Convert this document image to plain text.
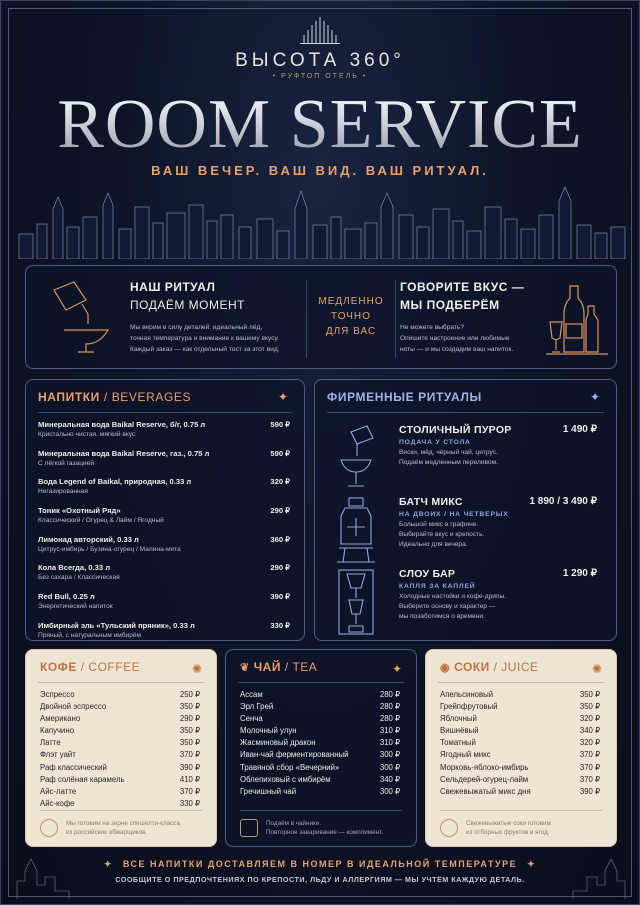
ВЫСОТА 360°
• РУФТОП ОТЕЛЬ •
ROOM SERVICE
ВАШ ВЕЧЕР. ВАШ ВИД. ВАШ РИТУАЛ.
НАШ РИТУАЛ
ПОДАЁМ МОМЕНТ
Мы верим в силу деталей: идеальный лёд,
точная температура и внимание к вашему вкусу.
Каждый заказ — как отдельный тост за этот вид.
МЕДЛЕННО
ТОЧНО
ДЛЯ ВАС
ГОВОРИТЕ ВКУС —
МЫ ПОДБЕРЁМ
Не можете выбрать?
Опишите настроение или любимые
ноты — и мы создадим ваш напиток.
НАПИТКИ / BEVERAGES	✦
Минеральная вода Baikal Reserve, б/г, 0.75 л
Кристально чистая, мягкий вкус
590 ₽
Минеральная вода Baikal Reserve, газ., 0.75 л
С лёгкой газацией
590 ₽
Вода Legend of Baikal, природная, 0.33 л
Негазированная
320 ₽
Тоник «Охотный Ряд»
Классический / Огурец & Лайм / Ягодный
290 ₽
Лимонад авторский, 0.33 л
Цитрус-имбирь / Бузина-огурец / Малина-мята
360 ₽
Кола Всегда, 0.33 л
Без сахара / Классическая
290 ₽
Red Bull, 0.25 л
Энергетический напиток
390 ₽
Имбирный эль «Тульский пряник», 0.33 л
Пряный, с натуральным имбирём
330 ₽
ФИРМЕННЫЕ РИТУАЛЫ	✦
СТОЛИЧНЫЙ ПУРОР
ПОДАЧА У СТОЛА
Виски, мёд, чёрный чай, цитрус.
Подаём медленным переливом.
1 490 ₽
БАТЧ МИКС
НА ДВОИХ / НА ЧЕТВЕРЫХ
Большой микс в графине.
Выбирайте вкус и крепость.
Идеально для вечера.
1 890 / 3 490 ₽
СЛОУ БАР
КАПЛЯ ЗА КАПЛЕЙ
Холодные настойки и кофе-дрипы.
Выберите основу и характер —
мы позаботимся о времени.
1 290 ₽
КОФЕ / COFFEE	✺
Эспрессо	250 ₽
Двойной эспрессо	350 ₽
Американо	290 ₽
Капучино	350 ₽
Латте	350 ₽
Флэт уайт	370 ₽
Раф классический	390 ₽
Раф солёная карамель	410 ₽
Айс-латте	370 ₽
Айс-кофе	330 ₽
Мы готовим на зерне спешелти-класса
из российских обжарщиков.
❦ ЧАЙ / TEA	✦
Ассам	280 ₽
Эрл Грей	280 ₽
Сенча	280 ₽
Молочный улун	310 ₽
Жасминовый дракон	310 ₽
Иван-чай ферментированный	300 ₽
Травяной сбор «Вечерний»	300 ₽
Облепиховый с имбирём	340 ₽
Гречишный чай	300 ₽
Подаём в чайнике.
Повторное заваривание — комплимент.
◉ СОКИ / JUICE	✺
Апельсиновый	350 ₽
Грейпфрутовый	350 ₽
Яблочный	320 ₽
Вишнёвый	340 ₽
Томатный	320 ₽
Ягодный микс	370 ₽
Морковь-яблоко-имбирь	370 ₽
Сельдерей-огурец-лайм	370 ₽
Свежевыжатый микс дня	390 ₽
Свежевыжатые соки готовим
из отборных фруктов и ягод.
✦ ВСЕ НАПИТКИ ДОСТАВЛЯЕМ В НОМЕР В ИДЕАЛЬНОЙ ТЕМПЕРАТУРЕ ✦
СООБЩИТЕ О ПРЕДПОЧТЕНИЯХ ПО КРЕПОСТИ, ЛЬДУ И АЛЛЕРГИЯМ — МЫ УЧТЁМ КАЖДУЮ ДЕТАЛЬ.
